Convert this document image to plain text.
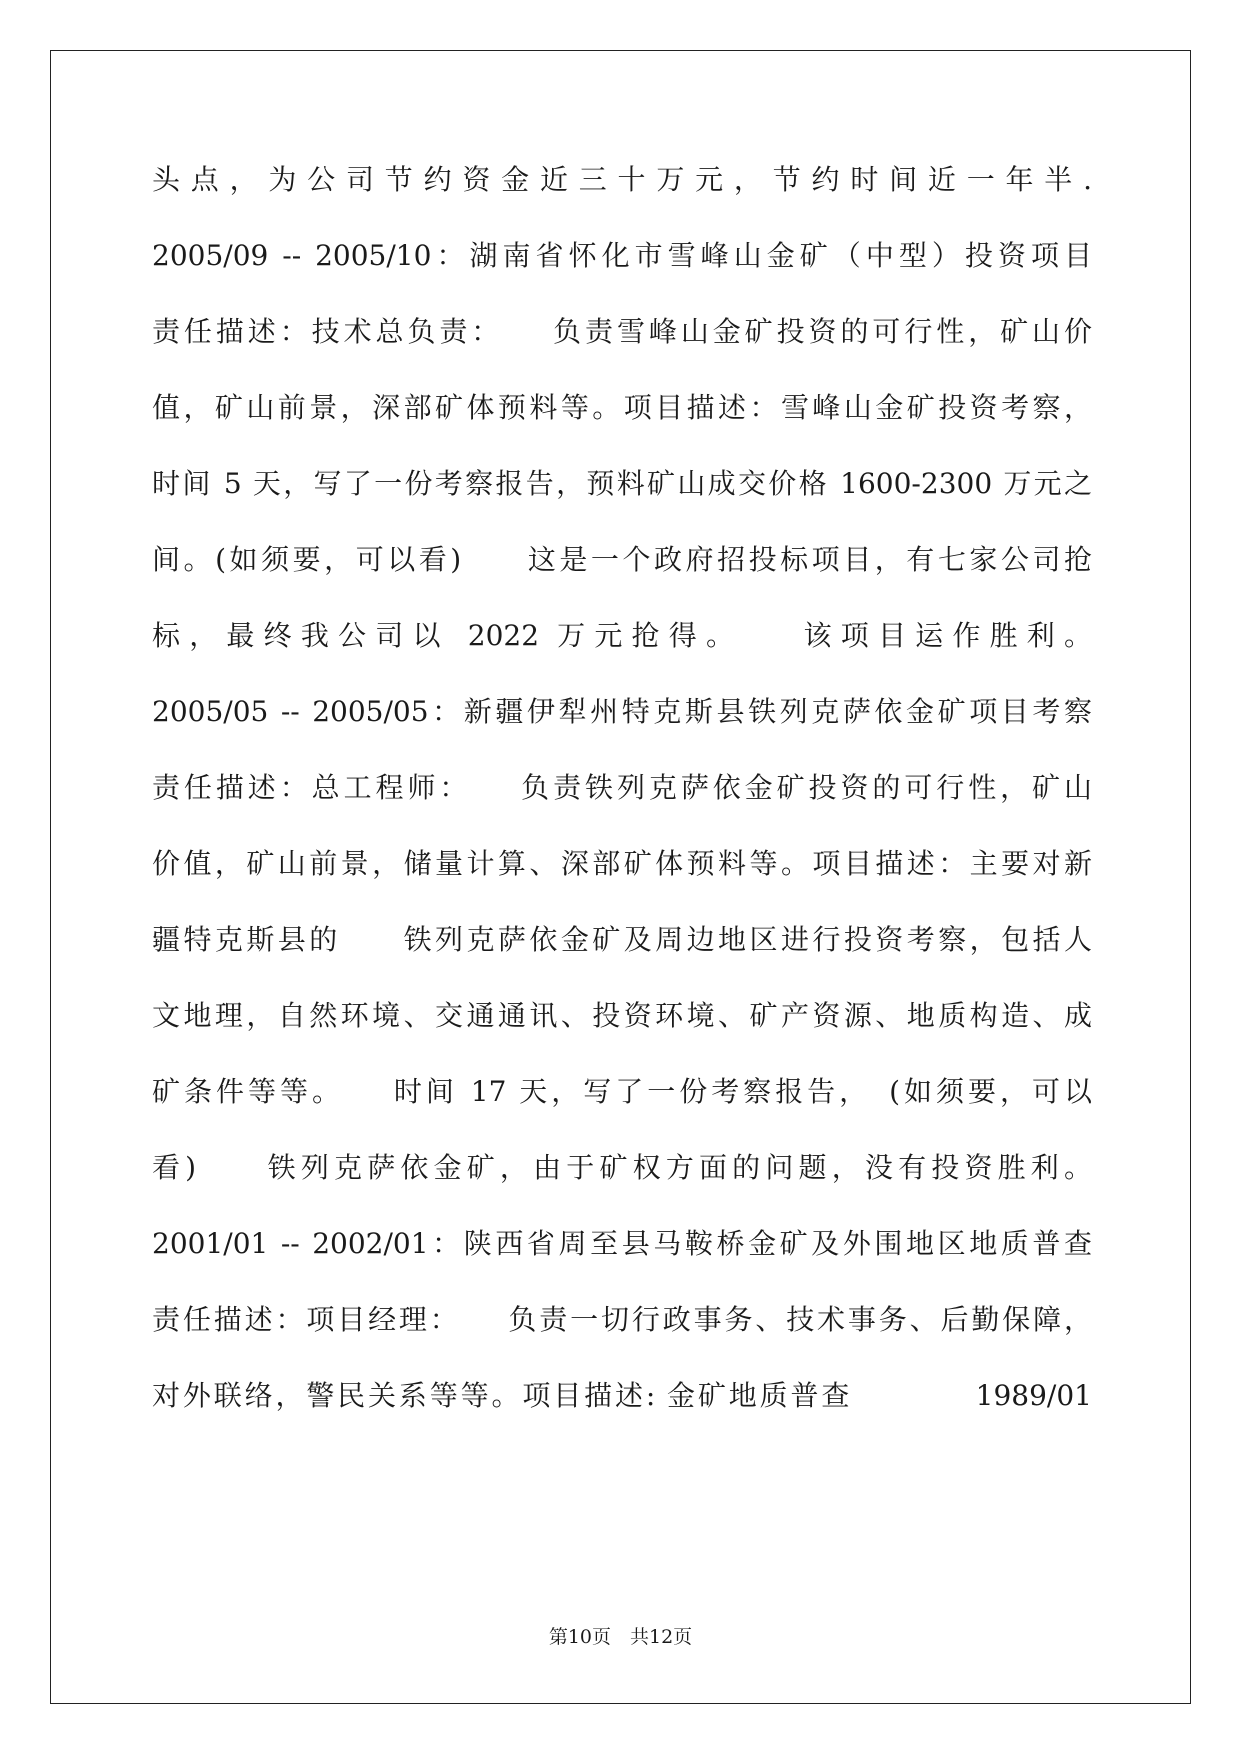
头点，为公司节约资金近三十万元，节约时间近一年半.
2005/09 -- 2005/10：湖南省怀化市雪峰山金矿（中型）投资项目
责任描述：技术总负责：　　负责雪峰山金矿投资的可行性，矿山价
值，矿山前景，深部矿体预料等。项目描述：雪峰山金矿投资考察，
时间 5 天，写了一份考察报告，预料矿山成交价格 1600-2300 万元之
间。(如须要，可以看)　　这是一个政府招投标项目，有七家公司抢
标，最终我公司以 2022 万元抢得。　　该项目运作胜利。
2005/05 -- 2005/05：新疆伊犁州特克斯县铁列克萨依金矿项目考察
责任描述：总工程师：　　负责铁列克萨依金矿投资的可行性，矿山
价值，矿山前景，储量计算、深部矿体预料等。项目描述：主要对新
疆特克斯县的　　铁列克萨依金矿及周边地区进行投资考察，包括人
文地理，自然环境、交通通讯、投资环境、矿产资源、地质构造、成
矿条件等等。　　时间 17 天，写了一份考察报告，　(如须要，可以
看)　　铁列克萨依金矿，由于矿权方面的问题，没有投资胜利。
2001/01 -- 2002/01：陕西省周至县马鞍桥金矿及外围地区地质普查
责任描述：项目经理：　　负责一切行政事务、技术事务、后勤保障，
对外联络，警民关系等等。项目描述: 金矿地质普查　　　　1989/01
第10页　共12页
